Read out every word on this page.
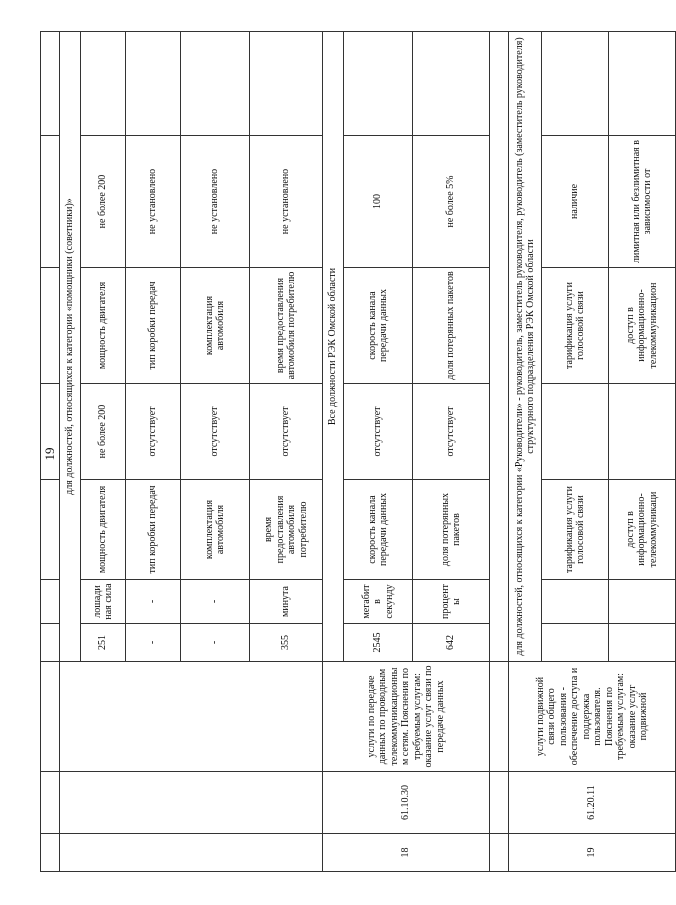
19

			для должностей, относящихся к категории «помощники (советники)»						
			251	лошадиная сила	мощность двигателя	не более 200	мощность двигателя	не более 200	
			-	-	тип коробки передач	отсутствует	тип коробки передач	не установлено	
			-	-	комплектация автомобиля	отсутствует	комплектация автомобиля	не установлено	
			355	минута	время предоставления автомобиля потребителю	отсутствует	время предоставления автомобиля потребителю	не установлено	
18	61.10.30	услуги по передаче данных по проводным телекоммуникационным сетям. Пояснения по требуемым услугам: оказание услуг связи по передаче данных	Все должности РЭК Омской области						
			2545	мегабит в секунду	скорость канала передачи данных	отсутствует	скорость канала передачи данных	100	
			642	процент ы	доля потерянных пакетов	отсутствует	доля потерянных пакетов	не более 5%	

19	61.20.11	услуги подвижной связи общего пользования - обеспечение доступа и поддержка пользователя. Пояснения по требуемым услугам: оказание услуг подвижной	для должностей, относящихся к категории «Руководители» - руководитель, заместитель руководителя, руководитель (заместитель руководителя) структурного подразделения РЭК Омской области						
					тарификация услуги голосовой связи		тарификация услуги голосовой связи	наличие	
					доступ в информационно-телекоммуникаци		доступ в информационно-телекоммуникацион	лимитная или безлимитная в зависимости от	
